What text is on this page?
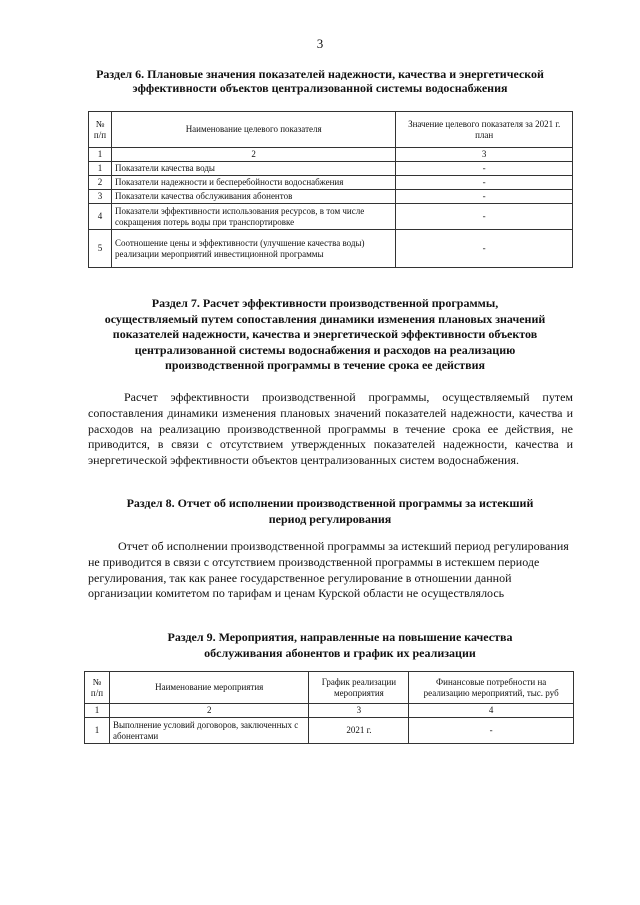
3
Раздел 6. Плановые значения показателей надежности, качества и энергетической
эффективности объектов централизованной системы водоснабжения
№ п/п	Наименование целевого показателя	Значение целевого показателя за 2021 г. план
1	2	3
1	Показатели качества воды	-
2	Показатели надежности и бесперебойности водоснабжения	-
3	Показатели качества обслуживания абонентов	-
4	Показатели эффективности использования ресурсов, в том числе сокращения потерь воды при транспортировке	-
5	Соотношение цены и эффективности (улучшение качества воды) реализации мероприятий инвестиционной программы	-
Раздел 7. Расчет эффективности производственной программы,
осуществляемый путем сопоставления динамики изменения плановых значений
показателей надежности, качества и энергетической эффективности объектов
централизованной системы водоснабжения и расходов на реализацию
производственной программы в течение срока ее действия
Расчет эффективности производственной программы, осуществляемый путем сопоставления динамики изменения плановых значений показателей надежности, качества и расходов на реализацию производственной программы в течение срока ее действия, не приводится, в связи с отсутствием утвержденных показателей надежности, качества и энергетической эффективности объектов централизованных систем водоснабжения.
Раздел 8. Отчет об исполнении производственной программы за истекший
период регулирования
Отчет об исполнении производственной программы за истекший период регулирования не приводится в связи с отсутствием производственной программы в истекшем периоде регулирования, так как ранее государственное регулирование в отношении данной организации комитетом по тарифам и ценам Курской области не осуществлялось
Раздел 9. Мероприятия, направленные на повышение качества
обслуживания абонентов и график их реализации
№ п/п	Наименование мероприятия	График реализации мероприятия	Финансовые потребности на реализацию мероприятий, тыс. руб
1	2	3	4
1	Выполнение условий договоров, заключенных с абонентами	2021 г.	-
